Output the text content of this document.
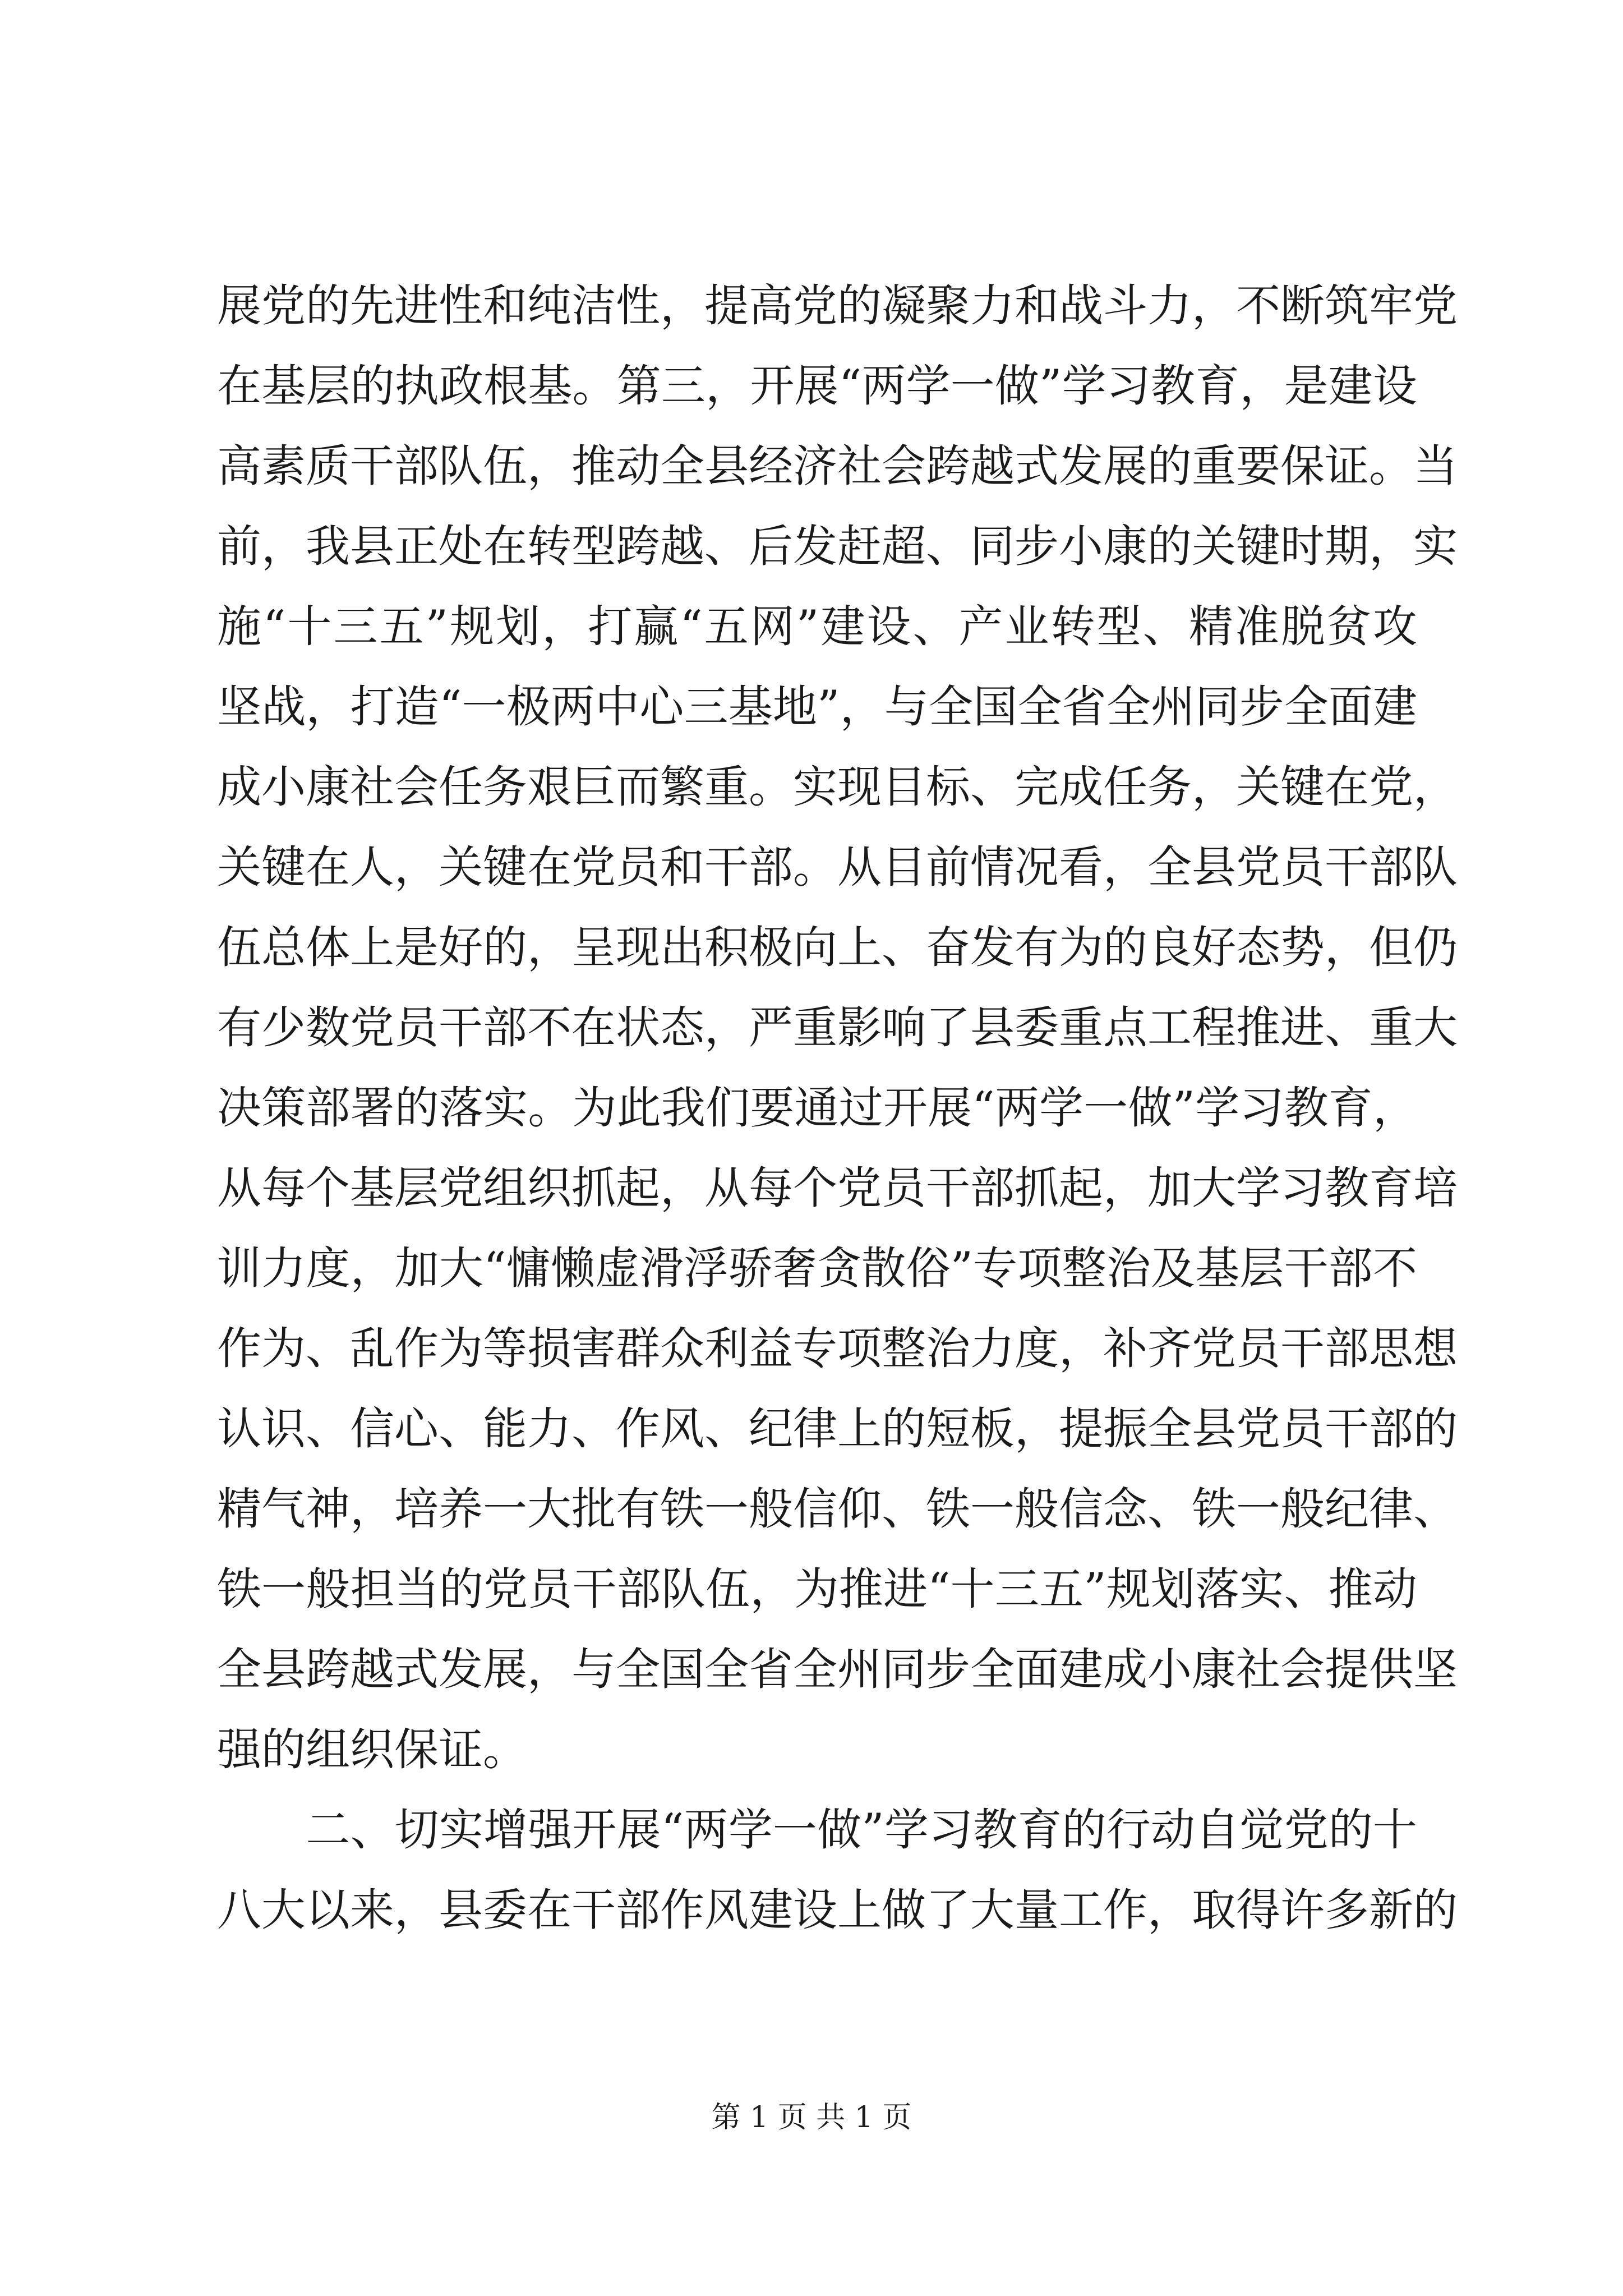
展党的先进性和纯洁性，提高党的凝聚力和战斗力，不断筑牢党
在基层的执政根基。第三，开展“两学一做”学习教育，是建设
高素质干部队伍，推动全县经济社会跨越式发展的重要保证。当
前，我县正处在转型跨越、后发赶超、同步小康的关键时期，实
施“十三五”规划，打赢“五网”建设、产业转型、精准脱贫攻
坚战，打造“一极两中心三基地”，与全国全省全州同步全面建
成小康社会任务艰巨而繁重。实现目标、完成任务，关键在党，
关键在人，关键在党员和干部。从目前情况看，全县党员干部队
伍总体上是好的，呈现出积极向上、奋发有为的良好态势，但仍
有少数党员干部不在状态，严重影响了县委重点工程推进、重大
决策部署的落实。为此我们要通过开展“两学一做”学习教育，
从每个基层党组织抓起，从每个党员干部抓起，加大学习教育培
训力度，加大“慵懒虚滑浮骄奢贪散俗”专项整治及基层干部不
作为、乱作为等损害群众利益专项整治力度，补齐党员干部思想
认识、信心、能力、作风、纪律上的短板，提振全县党员干部的
精气神，培养一大批有铁一般信仰、铁一般信念、铁一般纪律、
铁一般担当的党员干部队伍，为推进“十三五”规划落实、推动
全县跨越式发展，与全国全省全州同步全面建成小康社会提供坚
强的组织保证。
　　二、切实增强开展“两学一做”学习教育的行动自觉党的十
八大以来，县委在干部作风建设上做了大量工作，取得许多新的
第 1 页 共 1 页
